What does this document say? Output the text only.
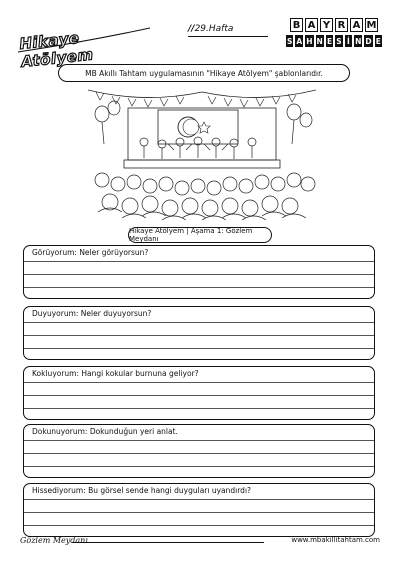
Hikaye Atölyem
//29.Hafta	B A Y R A M
S A H N E S İ N D E
MB Akıllı Tahtam uygulamasının "Hikaye Atölyem" şablonlarıdır.
Hikaye Atölyem | Aşama 1: Gözlem Meydanı
Görüyorum: Neler görüyorsun?
Duyuyorum: Neler duyuyorsun?
Kokluyorum: Hangi kokular burnuna geliyor?
Dokunuyorum: Dokunduğun yeri anlat.
Hissediyorum: Bu görsel sende hangi duyguları uyandırdı?
Gözlem Meydanı	www.mbakillitahtam.com
